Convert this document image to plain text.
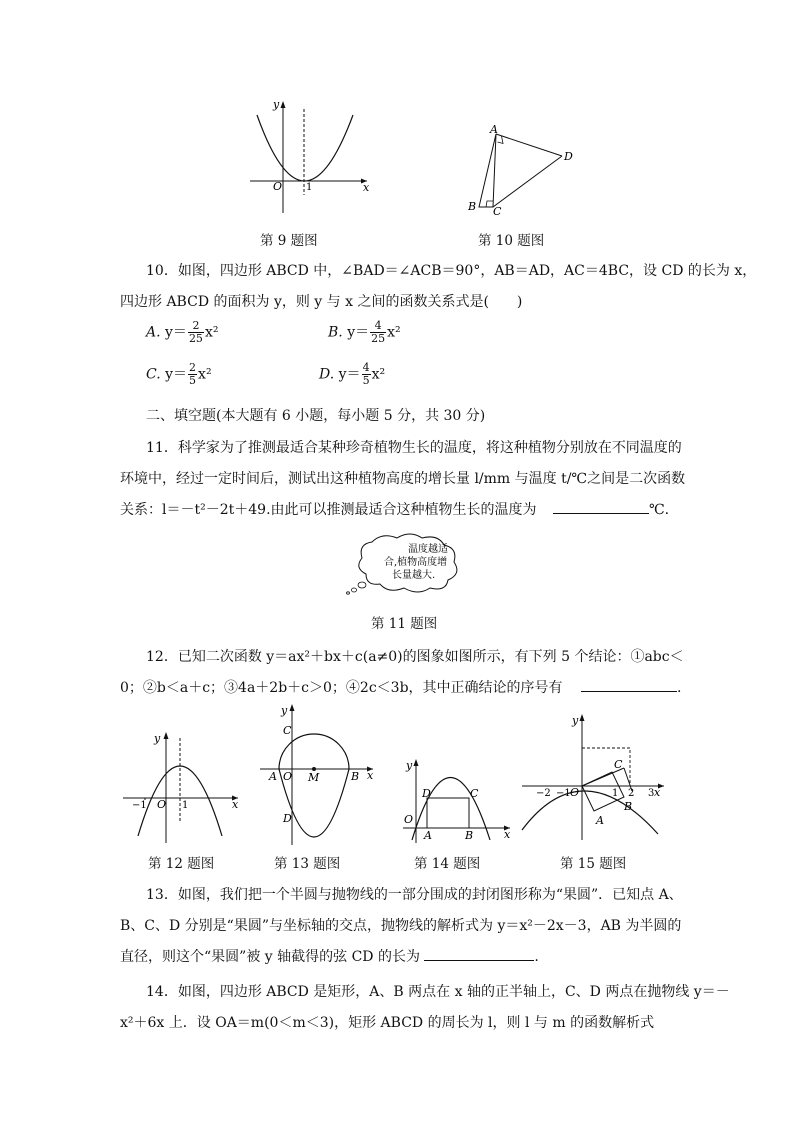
y
x
O 1
第 9 题图
A
B C
D
第 10 题图
10．如图，四边形 ABCD 中，∠BAD＝∠ACB＝90°，AB＝AD，AC＝4BC，设 CD 的长为 x，
四边形 ABCD 的面积为 y，则 y 与 x 之间的函数关系式是(　　)
A. $y= \frac{2}{25} x^2$	B. $y= \frac{4}{25} x^2$
C. $y= \frac{2}{5} x^2$	D. $y= \frac{4}{5} x^2$
二、填空题(本大题有 6 小题，每小题 5 分，共 30 分)
11．科学家为了推测最适合某种珍奇植物生长的温度，将这种植物分别放在不同温度的
环境中，经过一定时间后，测试出这种植物高度的增长量 l/mm 与温度 t/℃之间是二次函数
关系：l＝－t²－2t＋49.由此可以推测最适合这种植物生长的温度为	℃.
温度越适
合,植物高度增
长量越大.
第 11 题图
12．已知二次函数 y＝ax²＋bx＋c(a≠0)的图象如图所示，有下列 5 个结论：①abc＜
0；②b＜a＋c；③4a＋2b＋c＞0；④2c＜3b，其中正确结论的序号有	.
y
x
O
−1	1
第 12 题图
y
x
A O M	B
C
D
第 13 题图
y
x
O
A	B
C
D
第 14 题图
y
x
O
−2 −1	1 2 3
A
B
C
第 15 题图
13．如图，我们把一个半圆与抛物线的一部分围成的封闭图形称为“果圆”．已知点 A、
B、C、D 分别是“果圆”与坐标轴的交点，抛物线的解析式为 y＝x²－2x－3，AB 为半圆的
直径，则这个“果圆”被 y 轴截得的弦 CD 的长为	.
14．如图，四边形 ABCD 是矩形，A、B 两点在 x 轴的正半轴上，C、D 两点在抛物线 y＝－
x²＋6x 上．设 OA＝m(0＜m＜3)，矩形 ABCD 的周长为 l，则 l 与 m 的函数解析式
